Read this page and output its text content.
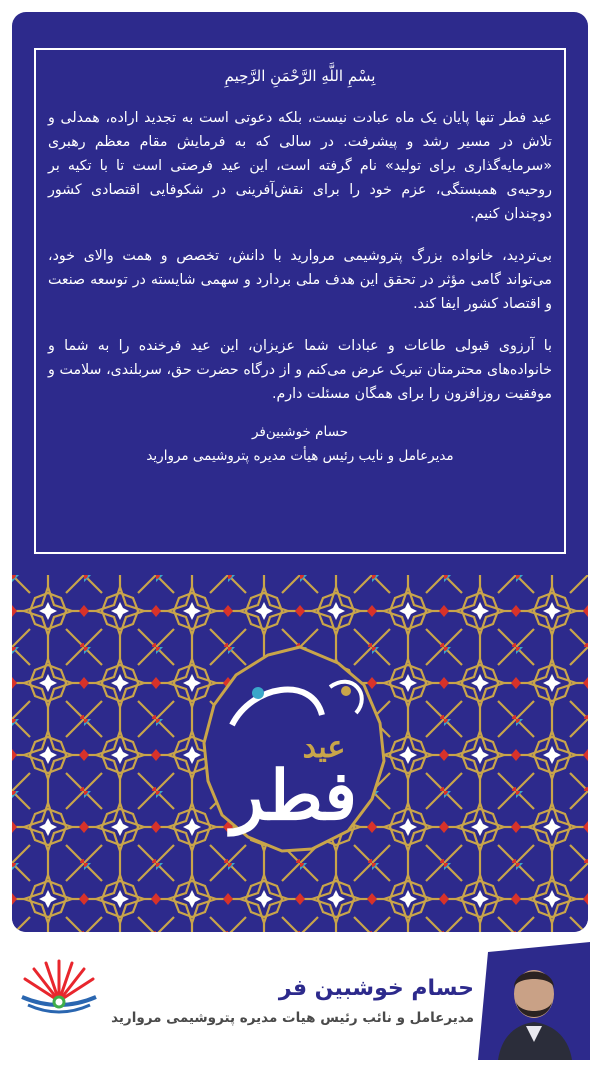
بِسْمِ اللَّهِ الرَّحْمَنِ الرَّحِيمِ

عید فطر تنها پایان یک ماه عبادت نیست، بلکه دعوتی است به تجدید اراده، همدلی و تلاش در مسیر رشد و پیشرفت. در سالی که به فرمایش مقام معظم رهبری «سرمایه‌گذاری برای تولید» نام گرفته است، این عید فرصتی است تا با تکیه بر روحیه‌ی همبستگی، عزم خود را برای نقش‌آفرینی در شکوفایی اقتصادی کشور دوچندان کنیم.

بی‌تردید، خانواده بزرگ پتروشیمی مروارید با دانش، تخصص و همت والای خود، می‌تواند گامی مؤثر در تحقق این هدف ملی بردارد و سهمی شایسته در توسعه صنعت و اقتصاد کشور ایفا کند.

با آرزوی قبولی طاعات و عبادات شما عزیزان، این عید فرخنده را به شما و خانواده‌های محترمتان تبریک عرض می‌کنم و از درگاه حضرت حق، سربلندی، سلامت و موفقیت روزافزون را برای همگان مسئلت دارم.

حسام خوشبین‌فر
مدیرعامل و نایب رئیس هیأت مدیره پتروشیمی مروارید
عید
فطر
حسام خوشبین فر
مدیرعامل و نائب رئیس هیات مدیره پتروشیمی مروارید
